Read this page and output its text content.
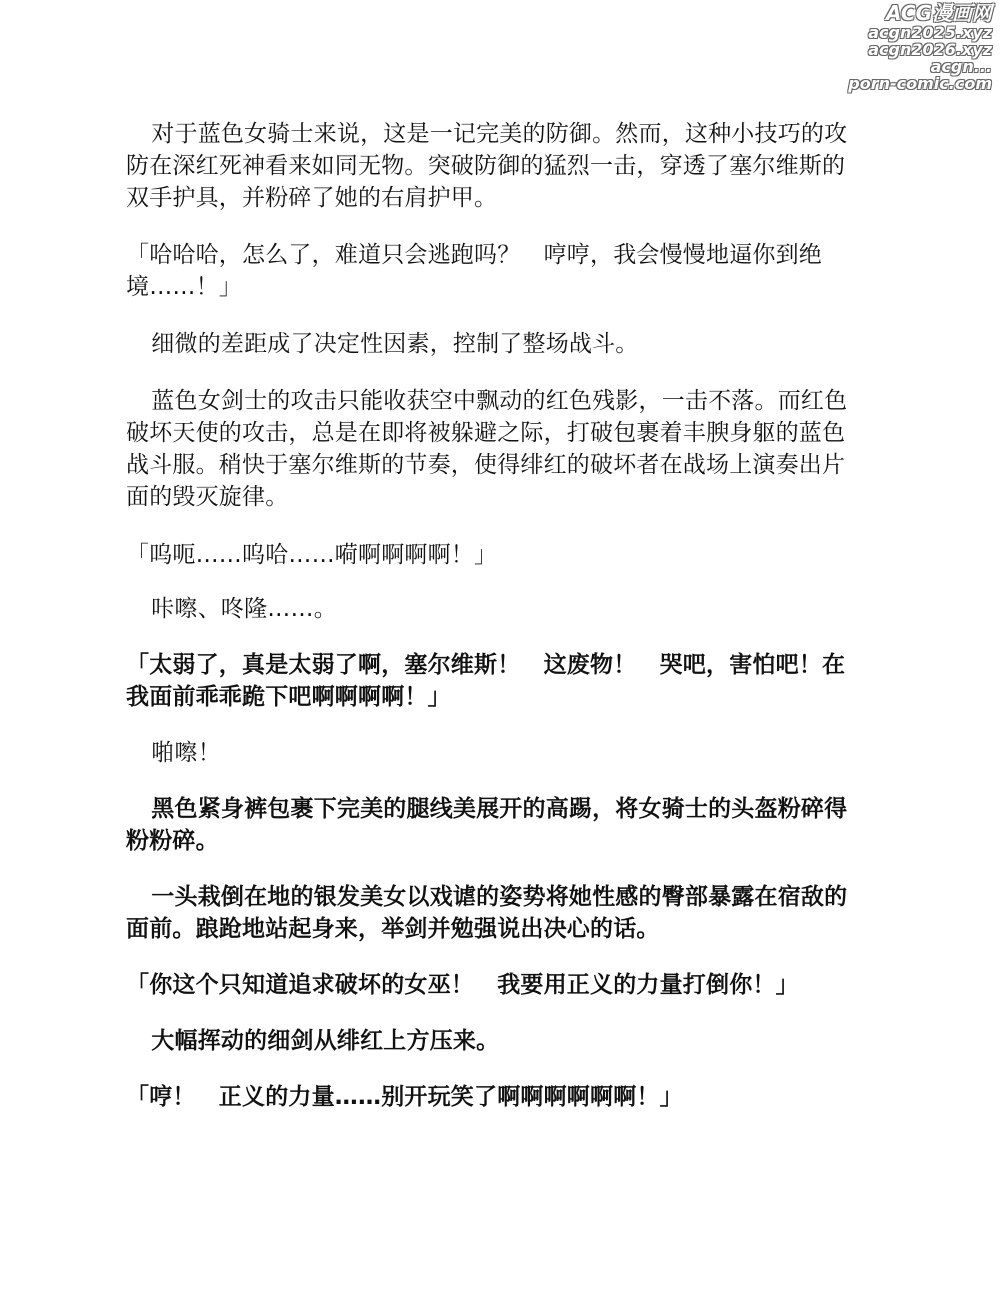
ACG漫画网
acgn2025.xyz
acgn2026.xyz
acgn...
porn-comic.com

对于蓝色女骑士来说，这是一记完美的防御。然而，这种小技巧的攻防在深红死神看来如同无物。突破防御的猛烈一击，穿透了塞尔维斯的双手护具，并粉碎了她的右肩护甲。

「哈哈哈，怎么了，难道只会逃跑吗？　哼哼，我会慢慢地逼你到绝境……！」

细微的差距成了决定性因素，控制了整场战斗。

蓝色女剑士的攻击只能收获空中飘动的红色残影，一击不落。而红色破坏天使的攻击，总是在即将被躲避之际，打破包裹着丰腴身躯的蓝色战斗服。稍快于塞尔维斯的节奏，使得绯红的破坏者在战场上演奏出片面的毁灭旋律。

「呜呃……呜哈……嗬啊啊啊啊！」

咔嚓、咚隆……。

「太弱了，真是太弱了啊，塞尔维斯！　这废物！　哭吧，害怕吧！在我面前乖乖跪下吧啊啊啊啊！」

啪嚓！

黑色紧身裤包裹下完美的腿线美展开的高踢，将女骑士的头盔粉碎得粉粉碎。

一头栽倒在地的银发美女以戏谑的姿势将她性感的臀部暴露在宿敌的面前。踉跄地站起身来，举剑并勉强说出决心的话。

「你这个只知道追求破坏的女巫！　我要用正义的力量打倒你！」

大幅挥动的细剑从绯红上方压来。

「哼！　正义的力量……别开玩笑了啊啊啊啊啊啊！」
